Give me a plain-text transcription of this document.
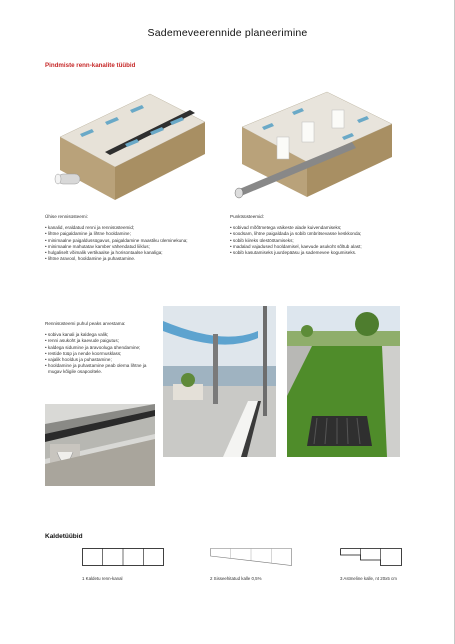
Sademeveerennide planeerimine
Pindmiste renn-kanalite tüübid
Ühise rennisüsteemi:
• kanalid, eraldatud renni ja rennisüsteemid;
• lihtne paigaldamine ja lihtne hooldamine;
• minimaalne paigaldussügavus, paigaldamine maastiku üleminekuna;
• minimaalne mahutatav kamber vähendatud liiklus;
• hulgaliselt võimalik vertikaalse ja horisontaalse kanaliga;
• lihtne äravool, hooldamine ja puhastamine.
Punktsüsteemid:
• sobivad mõõtmetega väikeste alade kuivendamiseks;
• soodsam, lihtne paigaldada ja sobib ümbritsevasse keskkonda;
• sobib kiireks ülestöötamiseks;
• madalad vajadused hooldamisel, kaevude asukoht sõltub alast;
• sobib kasutamiseks juurdepääsu ja sademevee kogumiseks.
Rennisüsteemi puhul peaks arvestama:
• sobiva kanali ja kaldega valik;
• renni asukoht ja kaevude paigutus;
• kaldega sidumine ja äravooluga ühendamine;
• restide tüüp ja nende koormusklass;
• vajalik hooldus ja puhastamine;
• hooldamine ja puhastamine peab olema lihtne ja mugav kõigile osapooltele.
Kaldetüübid
1 Kaldetu renn-kanal	2 Sisseehitatud kalle 0,5%	3 Astmeline kalle, nt 20x5 cm
